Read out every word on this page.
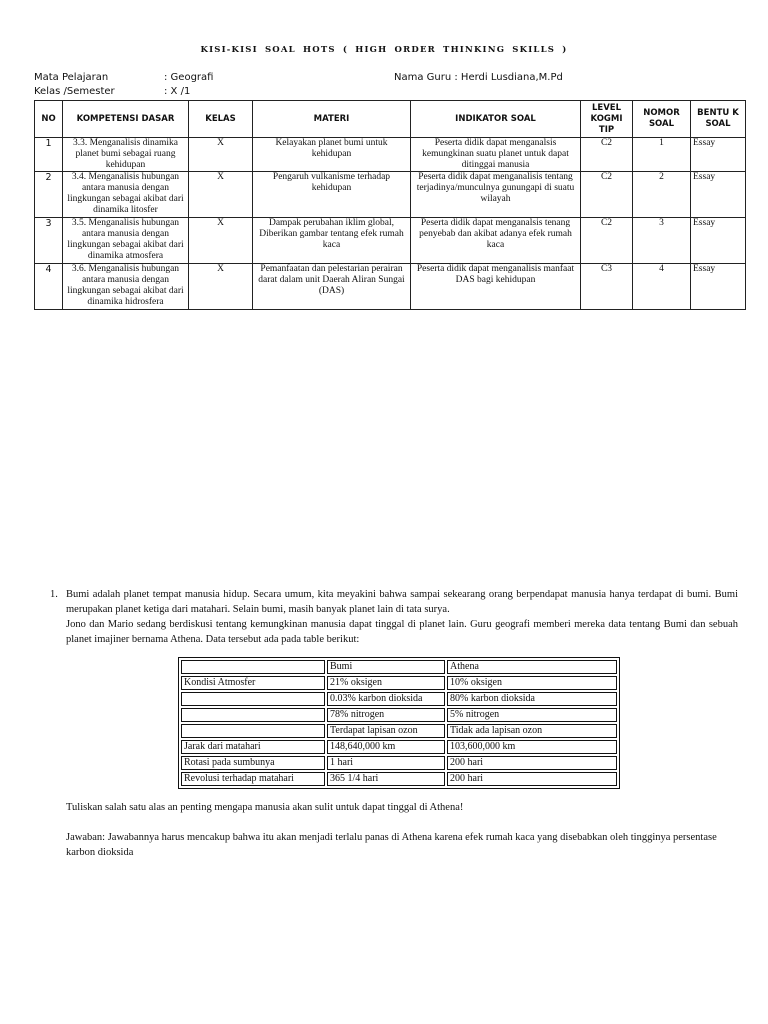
KISI-KISI SOAL HOTS ( HIGH ORDER THINKING SKILLS )
Mata Pelajaran	: Geografi	Nama Guru : Herdi Lusdiana,M.Pd
Kelas /Semester	: X /1
NO	KOMPETENSI DASAR	KELAS	MATERI	INDIKATOR SOAL	LEVEL KOGMI TIP	NOMOR SOAL	BENTU K SOAL
1	3.3. Menganalisis dinamika planet bumi sebagai ruang kehidupan	X	Kelayakan planet bumi untuk kehidupan	Peserta didik dapat menganalsis kemungkinan suatu planet untuk dapat ditinggai manusia	C2	1	Essay
2	3.4. Menganalisis hubungan antara manusia dengan lingkungan sebagai akibat dari dinamika litosfer	X	Pengaruh vulkanisme terhadap kehidupan	Peserta didik dapat menganalisis tentang terjadinya/munculnya gunungapi di suatu wilayah	C2	2	Essay
3	3.5. Menganalisis hubungan antara manusia dengan lingkungan sebagai akibat dari dinamika atmosfera	X	Dampak perubahan iklim global, Diberikan gambar tentang efek rumah kaca	Peserta didik dapat menganalsis tenang penyebab dan akibat adanya efek rumah kaca	C2	3	Essay
4	3.6. Menganalisis hubungan antara manusia dengan lingkungan sebagai akibat dari dinamika hidrosfera	X	Pemanfaatan dan pelestarian perairan darat dalam unit Daerah Aliran Sungai (DAS)	Peserta didik dapat menganalisis manfaat DAS bagi kehidupan	C3	4	Essay
1. Bumi adalah planet tempat manusia hidup. Secara umum, kita meyakini bahwa sampai sekearang orang berpendapat manusia hanya terdapat di bumi. Bumi merupakan planet ketiga dari matahari. Selain bumi, masih banyak planet lain di tata surya.
Jono dan Mario sedang berdiskusi tentang kemungkinan manusia dapat tinggal di planet lain. Guru geografi memberi mereka data tentang Bumi dan sebuah planet imajiner bernama Athena. Data tersebut ada pada table berikut:
	Bumi	Athena
Kondisi Atmosfer	21% oksigen	10% oksigen
	0.03% karbon dioksida	80% karbon dioksida
	78% nitrogen	5% nitrogen
	Terdapat lapisan ozon	Tidak ada lapisan ozon
Jarak dari matahari	148,640,000 km	103,600,000 km
Rotasi pada sumbunya	1 hari	200 hari
Revolusi terhadap matahari	365 1/4 hari	200 hari
Tuliskan salah satu alas an penting mengapa manusia akan sulit untuk dapat tinggal di Athena!
Jawaban: Jawabannya harus mencakup bahwa itu akan menjadi terlalu panas di Athena karena efek rumah kaca yang disebabkan oleh tingginya persentase karbon dioksida
